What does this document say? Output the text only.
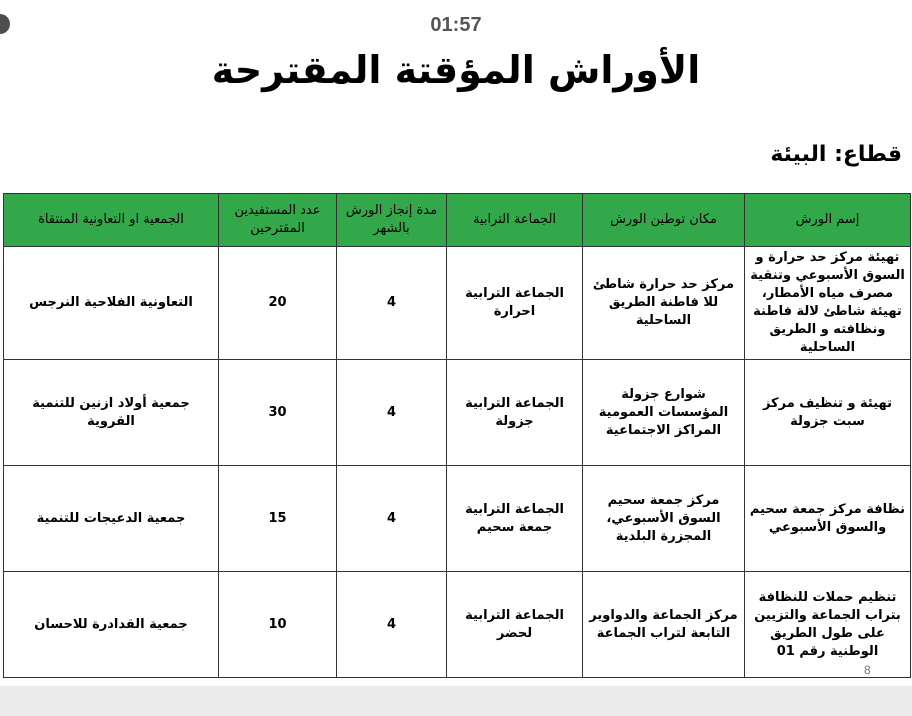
01:57
الأوراش المؤقتة المقترحة
قطاع: البيئة
إسم الورش	مكان توطين الورش	الجماعة الترابية	مدة إنجاز الورش بالشهر	عدد المستفيدين المقترحين	الجمعية او التعاونية المنتقاة
تهيئة مركز حد حرارة و السوق الأسبوعي وتنقية مصرف مياه الأمطار، تهيئة شاطئ لالة فاطنة ونظافته و الطريق الساحلية	مركز حد حرارة شاطئ للا فاطنة الطريق الساحلية	الجماعة الترابية احرارة	4	20	التعاونية الفلاحية النرجس
تهيئة و تنظيف مركز سبت جزولة	شوارع جزولة المؤسسات العمومية المراكز الاجتماعية	الجماعة الترابية جزولة	4	30	جمعية أولاد ازنين للتنمية القروية
نظافة مركز جمعة سحيم والسوق الأسبوعي	مركز جمعة سحيم السوق الأسبوعي، المجزرة البلدية	الجماعة الترابية جمعة سحيم	4	15	جمعية الدعيجات للتنمية
تنظيم حملات للنظافة بتراب الجماعة والتزيين على طول الطريق الوطنية رقم 01	مركز الجماعة والدواوير التابعة لتراب الجماعة	الجماعة الترابية لحضر	4	10	جمعية القدادرة للاحسان
8
